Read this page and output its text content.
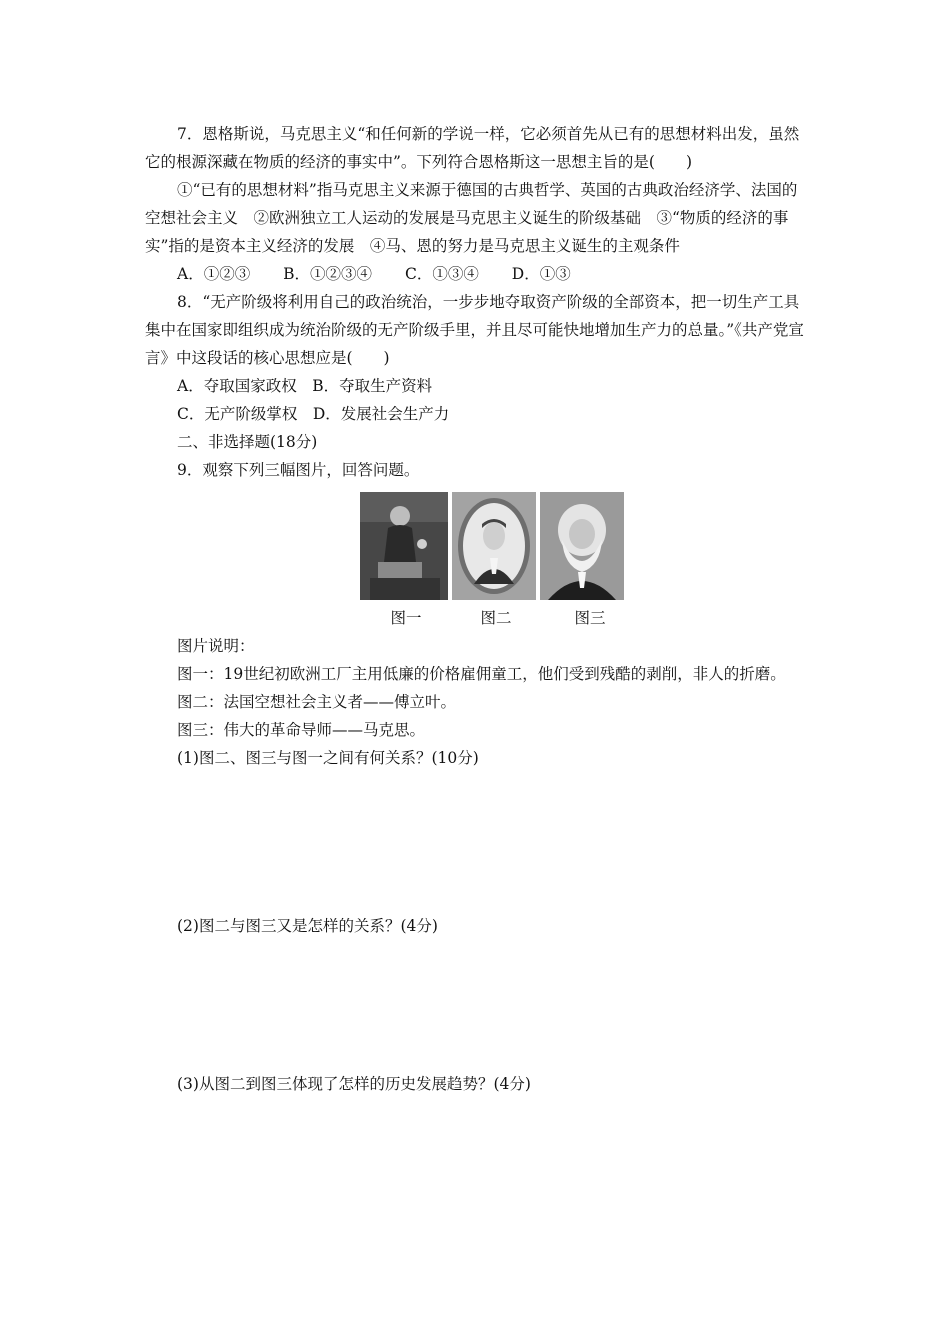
7．恩格斯说，马克思主义“和任何新的学说一样，它必须首先从已有的思想材料出发，虽然它的根源深藏在物质的经济的事实中”。下列符合恩格斯这一思想主旨的是(　　)

①“已有的思想材料”指马克思主义来源于德国的古典哲学、英国的古典政治经济学、法国的空想社会主义　②欧洲独立工人运动的发展是马克思主义诞生的阶级基础　③“物质的经济的事实”指的是资本主义经济的发展　④马、恩的努力是马克思主义诞生的主观条件

A．①②③ B．①②③④ C．①③④ D．①③

8．“无产阶级将利用自己的政治统治，一步步地夺取资产阶级的全部资本，把一切生产工具集中在国家即组织成为统治阶级的无产阶级手里，并且尽可能快地增加生产力的总量。”《共产党宣言》中这段话的核心思想应是(　　)

A．夺取国家政权　B．夺取生产资料

C．无产阶级掌权　D．发展社会生产力

二、非选择题(18分)

9．观察下列三幅图片，回答问题。

图一	图二	图三

图片说明：

图一：19世纪初欧洲工厂主用低廉的价格雇佣童工，他们受到残酷的剥削，非人的折磨。

图二：法国空想社会主义者——傅立叶。

图三：伟大的革命导师——马克思。

(1)图二、图三与图一之间有何关系？(10分)

(2)图二与图三又是怎样的关系？(4分)

(3)从图二到图三体现了怎样的历史发展趋势？(4分)
